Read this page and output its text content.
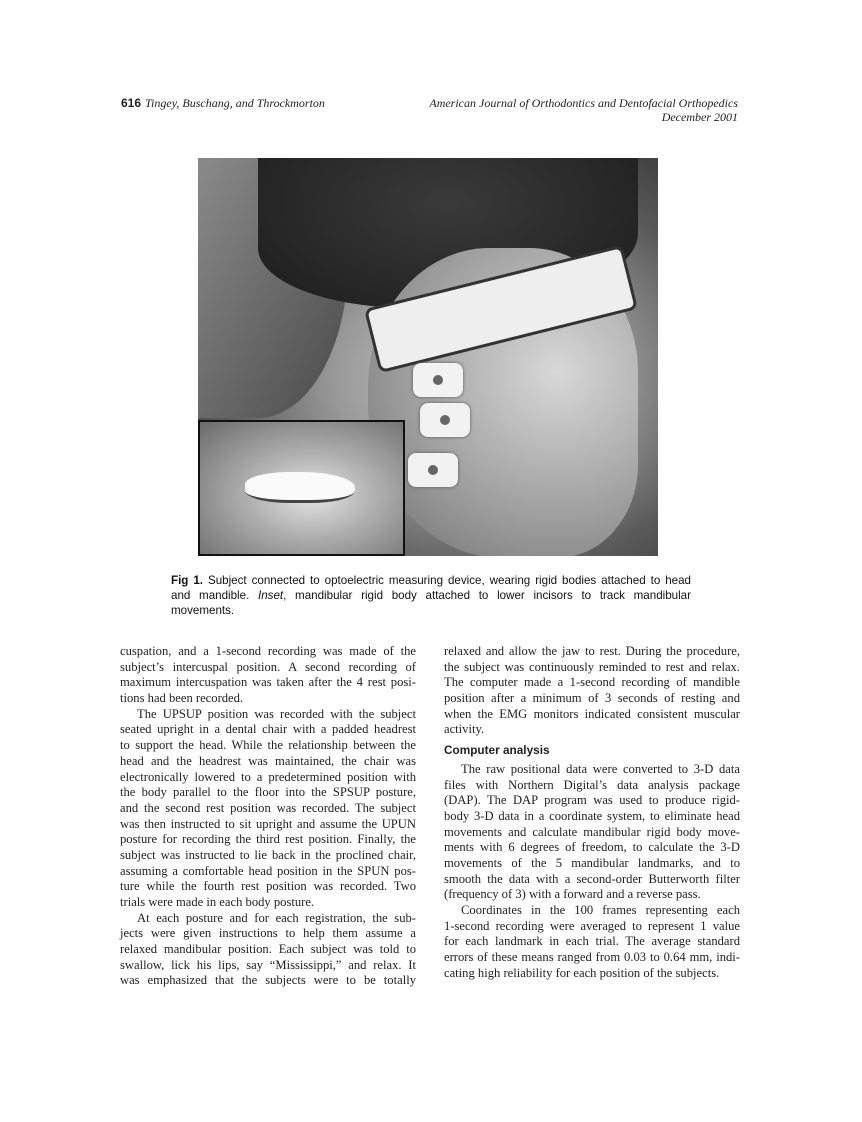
616 Tingey, Buschang, and Throckmorton	American Journal of Orthodontics and Dentofacial Orthopedics
December 2001
Fig 1. Subject connected to optoelectric measuring device, wearing rigid bodies attached to head and mandible. Inset, mandibular rigid body attached to lower incisors to track mandibular movements.
cuspation, and a 1-second recording was made of the
subject’s intercuspal position. A second recording of
maximum intercuspation was taken after the 4 rest posi-
tions had been recorded.
The UPSUP position was recorded with the subject
seated upright in a dental chair with a padded headrest
to support the head. While the relationship between the
head and the headrest was maintained, the chair was
electronically lowered to a predetermined position with
the body parallel to the floor into the SPSUP posture,
and the second rest position was recorded. The subject
was then instructed to sit upright and assume the UPUN
posture for recording the third rest position. Finally, the
subject was instructed to lie back in the proclined chair,
assuming a comfortable head position in the SPUN pos-
ture while the fourth rest position was recorded. Two
trials were made in each body posture.
At each posture and for each registration, the sub-
jects were given instructions to help them assume a
relaxed mandibular position. Each subject was told to
swallow, lick his lips, say “Mississippi,” and relax. It
was emphasized that the subjects were to be totally
relaxed and allow the jaw to rest. During the procedure,
the subject was continuously reminded to rest and relax.
The computer made a 1-second recording of mandible
position after a minimum of 3 seconds of resting and
when the EMG monitors indicated consistent muscular
activity.
Computer analysis
The raw positional data were converted to 3-D data
files with Northern Digital’s data analysis package
(DAP). The DAP program was used to produce rigid-
body 3-D data in a coordinate system, to eliminate head
movements and calculate mandibular rigid body move-
ments with 6 degrees of freedom, to calculate the 3-D
movements of the 5 mandibular landmarks, and to
smooth the data with a second-order Butterworth filter
(frequency of 3) with a forward and a reverse pass.
Coordinates in the 100 frames representing each
1-second recording were averaged to represent 1 value
for each landmark in each trial. The average standard
errors of these means ranged from 0.03 to 0.64 mm, indi-
cating high reliability for each position of the subjects.
